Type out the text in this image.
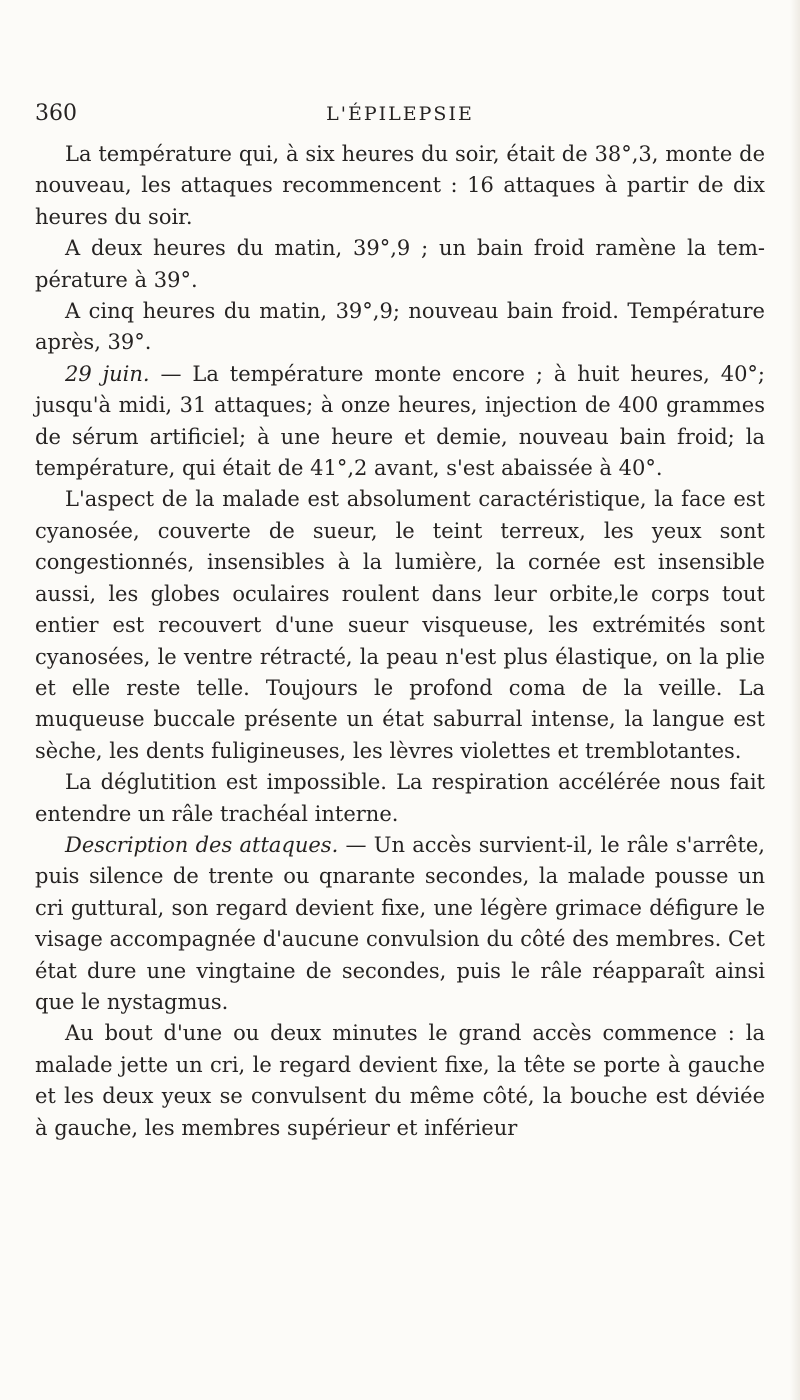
360	L'ÉPILEPSIE

La température qui, à six heures du soir, était de 38°,3, monte de nouveau, les attaques recommencent : 16 attaques à partir de dix heures du soir.

A deux heures du matin, 39°,9 ; un bain froid ramène la température à 39°.

A cinq heures du matin, 39°,9; nouveau bain froid. Température après, 39°.

29 juin. — La température monte encore ; à huit heures, 40°; jusqu'à midi, 31 attaques; à onze heures, injection de 400 grammes de sérum artificiel; à une heure et demie, nouveau bain froid; la température, qui était de 41°,2 avant, s'est abaissée à 40°.

L'aspect de la malade est absolument caractéristique, la face est cyanosée, couverte de sueur, le teint terreux, les yeux sont congestionnés, insensibles à la lumière, la cornée est insensible aussi, les globes oculaires roulent dans leur orbite,le corps tout entier est recouvert d'une sueur visqueuse, les extrémités sont cyanosées, le ventre rétracté, la peau n'est plus élastique, on la plie et elle reste telle. Toujours le profond coma de la veille. La muqueuse buccale présente un état saburral intense, la langue est sèche, les dents fuligineuses, les lèvres violettes et tremblotantes.

La déglutition est impossible. La respiration accélérée nous fait entendre un râle trachéal interne.

Description des attaques. — Un accès survient-il, le râle s'arrête, puis silence de trente ou qnarante secondes, la malade pousse un cri guttural, son regard devient fixe, une légère grimace défigure le visage accompagnée d'aucune convulsion du côté des membres. Cet état dure une vingtaine de secondes, puis le râle réapparaît ainsi que le nystagmus.

Au bout d'une ou deux minutes le grand accès commence : la malade jette un cri, le regard devient fixe, la tête se porte à gauche et les deux yeux se convulsent du même côté, la bouche est déviée à gauche, les membres supérieur et inférieur
